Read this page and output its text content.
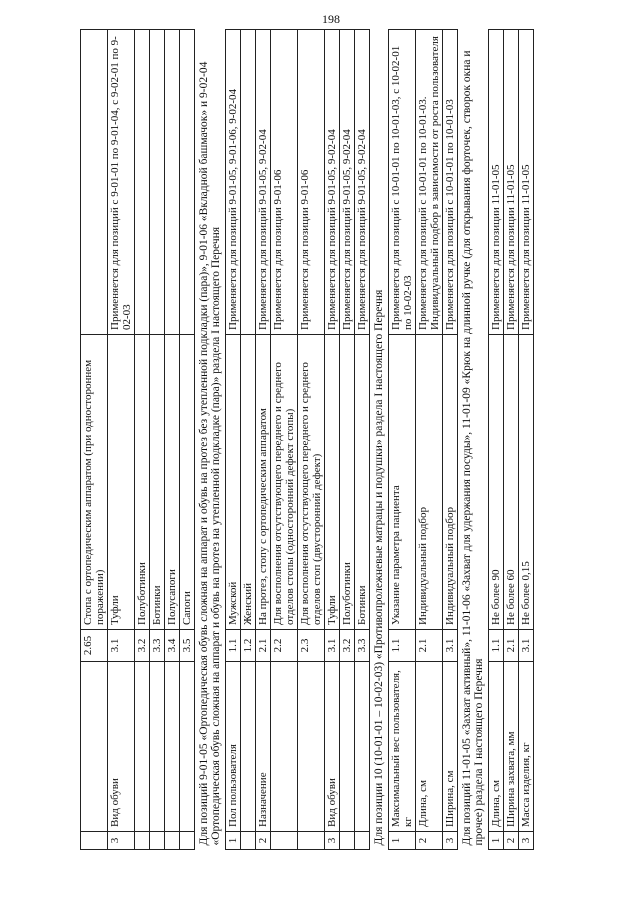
198
		2.65	Стопа с ортопедическим аппаратом (при одностороннем поражении)	
3	Вид обуви	3.1	Туфли	Применяется для позиций с 9-01-01 по 9-01-04, с 9-02-01 по 9-02-03
		3.2	Полуботинки	
		3.3	Ботинки	
		3.4	Полусапоги	
		3.5	Сапоги	
Для позиций 9-01-05 «Ортопедическая обувь сложная на аппарат и обувь на протез без утепленной подкладки (пара)», 9-01-06 «Вкладной башмачок» и 9-02-04 «Ортопедическая обувь сложная на аппарат и обувь на протез на утепленной подкладке (пара)» раздела I настоящего Перечня				
1	Пол пользователя	1.1	Мужской	Применяется для позиций 9-01-05, 9-01-06, 9-02-04
		1.2	Женский	
2	Назначение	2.1	На протез, стопу с ортопедическим аппаратом	Применяется для позиций 9-01-05, 9-02-04
		2.2	Для восполнения отсутствующего переднего и среднего отделов стопы (односторонний дефект стопы)	Применяется для позиции 9-01-06
		2.3	Для восполнения отсутствующего переднего и среднего отделов стоп (двусторонний дефект)	Применяется для позиции 9-01-06
3	Вид обуви	3.1	Туфли	Применяется для позиций 9-01-05, 9-02-04
		3.2	Полуботинки	Применяется для позиций 9-01-05, 9-02-04
		3.3	Ботинки	Применяется для позиций 9-01-05, 9-02-04
Для позиции 10 (10-01-01 – 10-02-03) «Противопролежневые матрацы и подушки» раздела I настоящего Перечня				
1	Максимальный вес пользователя, кг	1.1	Указание параметра пациента	Применяется для позиций с 10-01-01 по 10-01-03, с 10-02-01 по 10-02-03
2	Длина, см	2.1	Индивидуальный подбор	Применяется для позиций с 10-01-01 по 10-01-03. Индивидуальный подбор в зависимости от роста пользователя
3	Ширина, см	3.1	Индивидуальный подбор	Применяется для позиций с 10-01-01 по 10-01-03
Для позиций 11-01-05 «Захват активный», 11-01-06 «Захват для удержания посуды», 11-01-09 «Крюк на длинной ручке (для открывания форточек, створок окна и прочее) раздела I настоящего Перечня				
1	Длина, см	1.1	Не более 90	Применяется для позиции 11-01-05
2	Ширина захвата, мм	2.1	Не более 60	Применяется для позиции 11-01-05
3	Масса изделия, кг	3.1	Не более 0,15	Применяется для позиции 11-01-05
